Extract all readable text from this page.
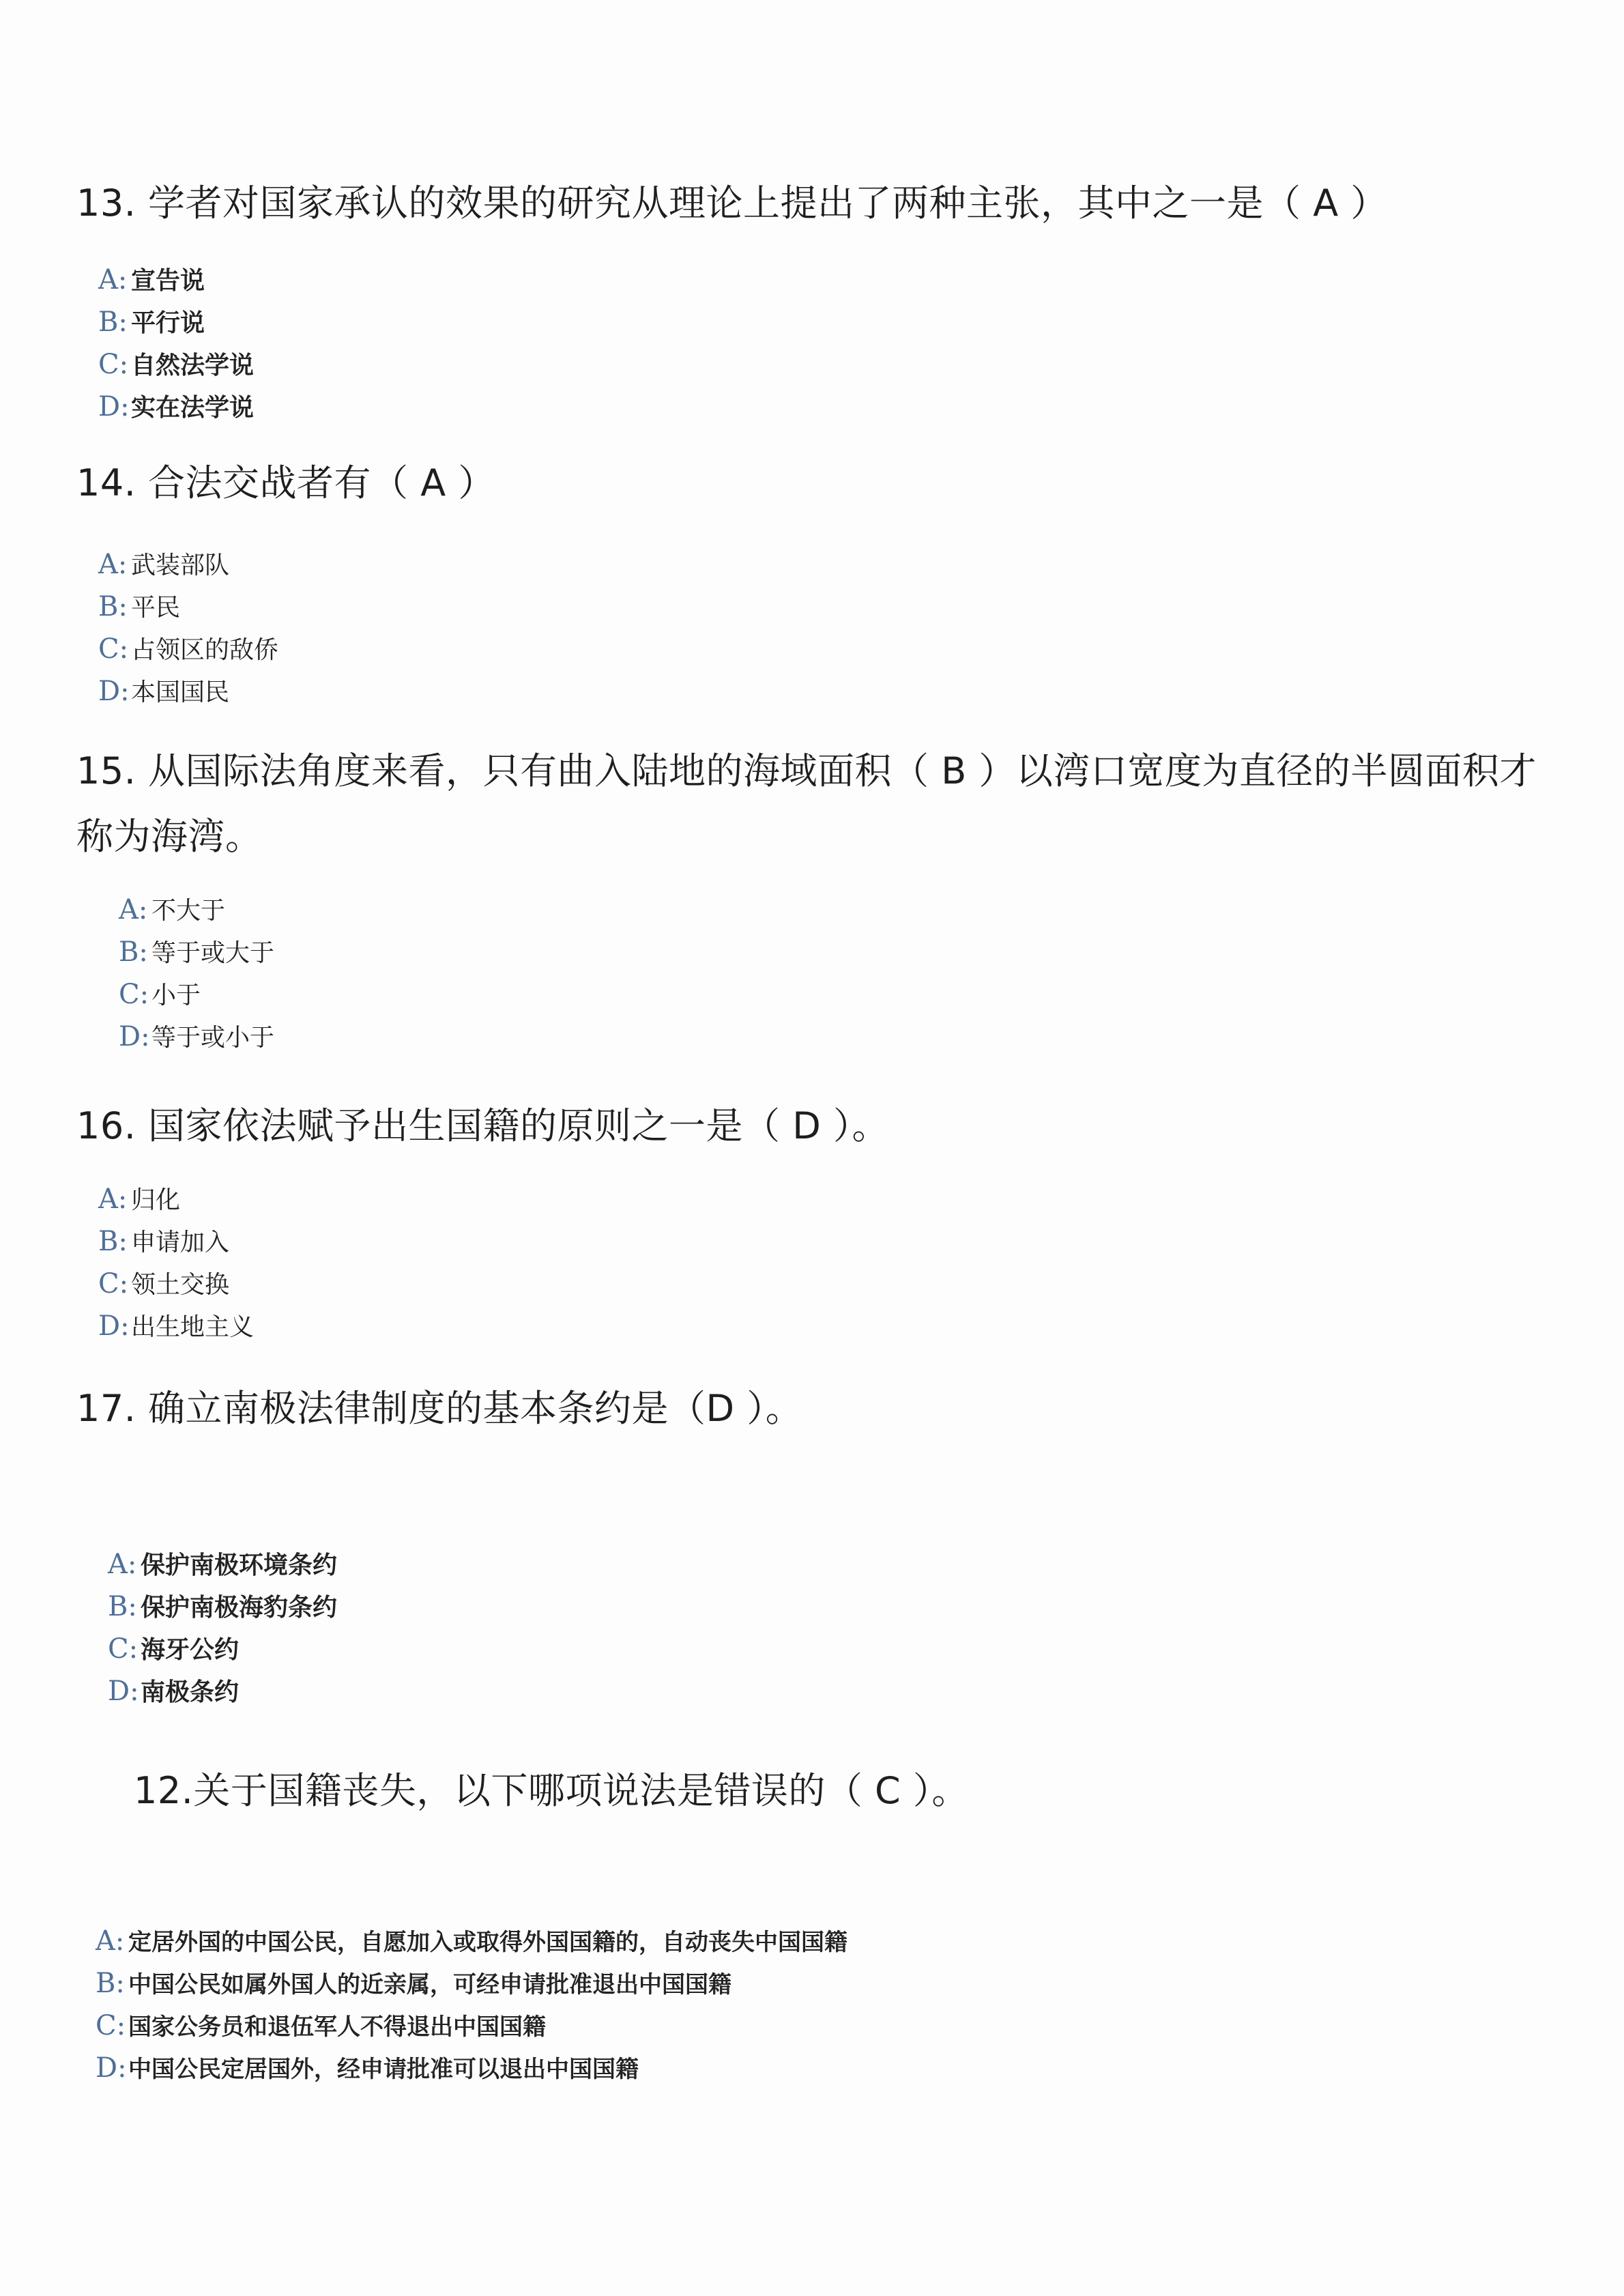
13. 学者对国家承认的效果的研究从理论上提出了两种主张，其中之一是（ A ）
A: 宣告说
B: 平行说
C: 自然法学说
D:实在法学说
14. 合法交战者有（ A ）
A: 武装部队
B: 平民
C: 占领区的敌侨
D:本国国民
15. 从国际法角度来看，只有曲入陆地的海域面积（ B ）以湾口宽度为直径的半圆面积才称为海湾。
A: 不大于
B: 等于或大于
C: 小于
D:等于或小于
16. 国家依法赋予出生国籍的原则之一是（ D ）。
A: 归化
B: 申请加入
C: 领土交换
D:出生地主义
17. 确立南极法律制度的基本条约是（D ）。
A: 保护南极环境条约
B: 保护南极海豹条约
C: 海牙公约
D:南极条约
12.关于国籍丧失，以下哪项说法是错误的（ C ）。
A: 定居外国的中国公民，自愿加入或取得外国国籍的，自动丧失中国国籍
B: 中国公民如属外国人的近亲属，可经申请批准退出中国国籍
C: 国家公务员和退伍军人不得退出中国国籍
D:中国公民定居国外，经申请批准可以退出中国国籍
